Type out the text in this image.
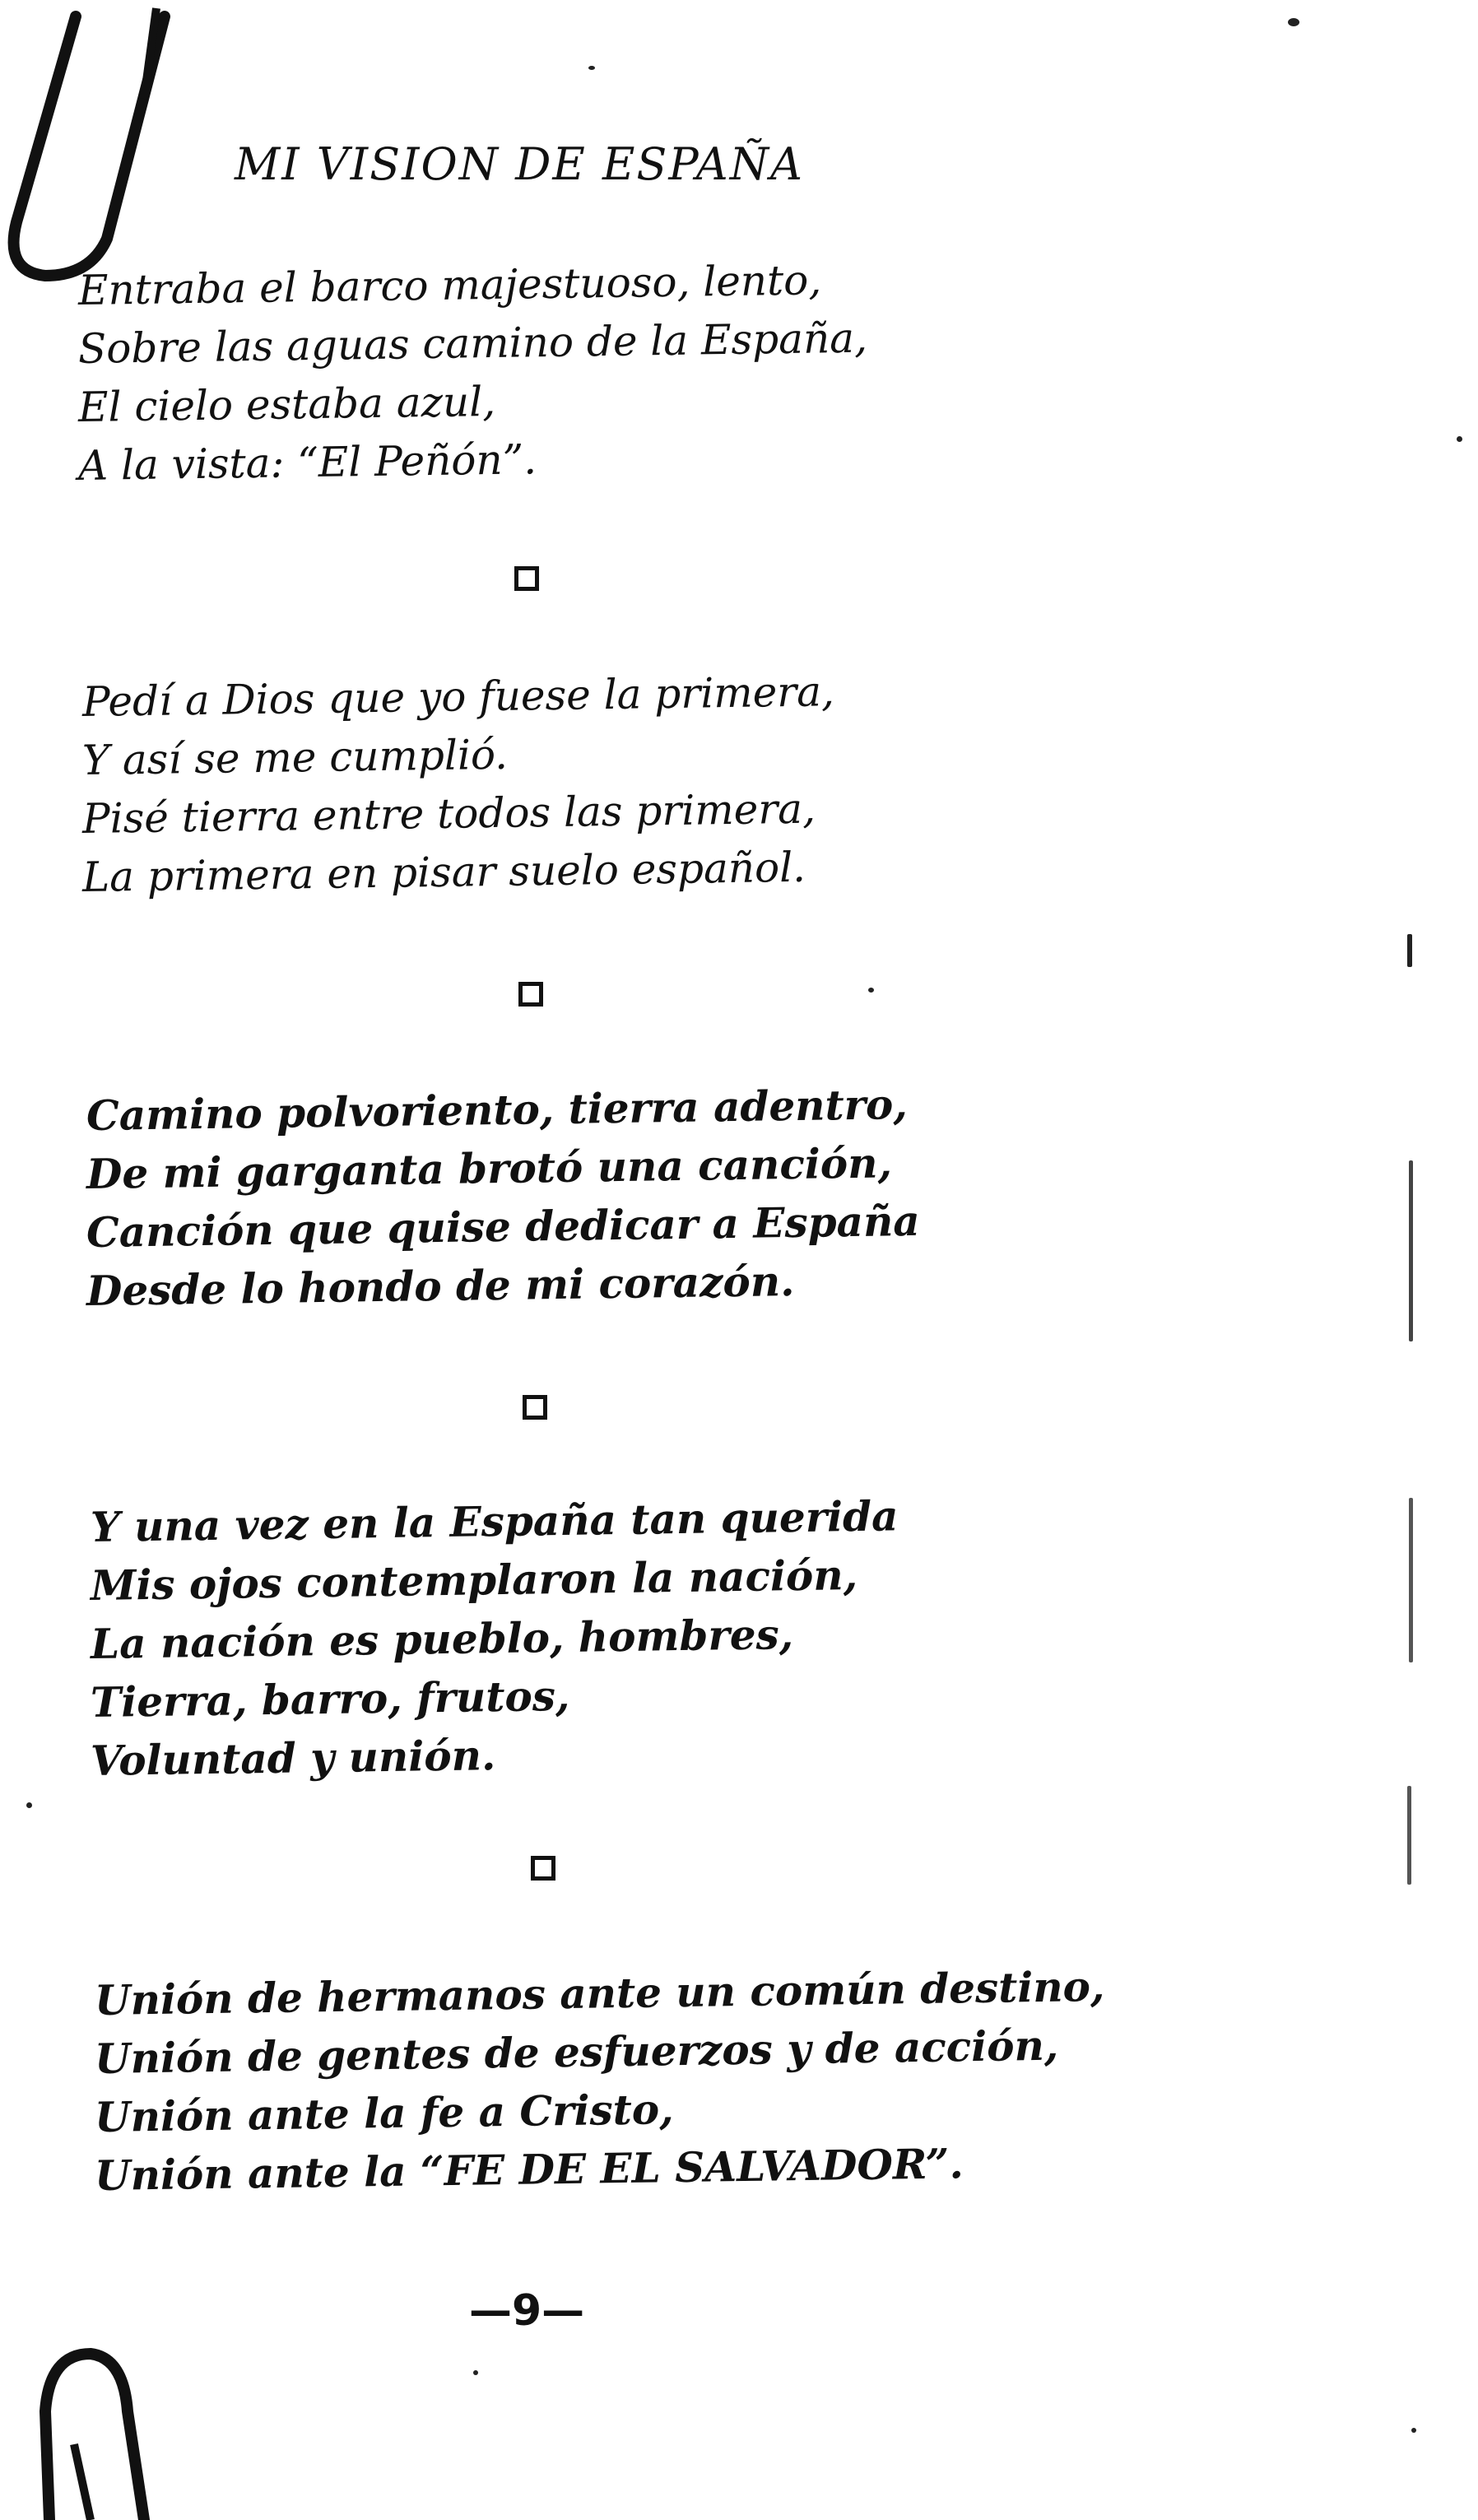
MI VISION DE ESPAÑA
Entraba el barco majestuoso, lento,
Sobre las aguas camino de la España,
El cielo estaba azul,
A la vista: “El Peñón”.
Pedí a Dios que yo fuese la primera,
Y así se me cumplió.
Pisé tierra entre todos las primera,
La primera en pisar suelo español.
Camino polvoriento, tierra adentro,
De mi garganta brotó una canción,
Canción que quise dedicar a España
Desde lo hondo de mi corazón.
Y una vez en la España tan querida
Mis ojos contemplaron la nación,
La nación es pueblo, hombres,
Tierra, barro, frutos,
Voluntad y unión.
Unión de hermanos ante un común destino,
Unión de gentes de esfuerzos y de acción,
Unión ante la fe a Cristo,
Unión ante la “FE DE EL SALVADOR”.
—9—
